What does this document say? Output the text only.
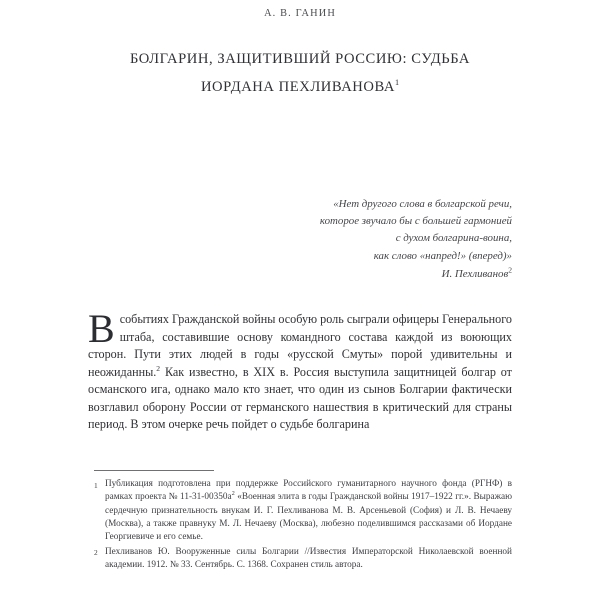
А. В. ГАНИН
БОЛГАРИН, ЗАЩИТИВШИЙ РОССИЮ: СУДЬБА
ИОРДАНА ПЕХЛИВАНОВА$^1$
«Нет другого слова в болгарской речи,
которое звучало бы с большей гармонией
с духом болгарина-воина,
как слово «напред!» (вперед)»
И. Пехливанов$^2$
Всобытиях Гражданской войны особую роль сыграли офицеры Генерального штаба, составившие основу командного состава каждой из воюющих сторон. Пути этих людей в годы «русской Смуты» порой удивительны и неожиданны.$^2$ Как известно, в XIX в. Россия выступила защитницей болгар от османского ига, однако мало кто знает, что один из сынов Болгарии фактически возглавил оборону России от германского нашествия в критический для страны период. В этом очерке речь пойдет о судьбе болгарина
1 Публикация подготовлена при поддержке Российского гуманитарного научного фонда (РГНФ) в рамках проекта № $11-31-00350а^2$ «Военная элита в годы Гражданской войны 1917–1922 гг.». Выражаю сердечную признательность внукам И. Г. Пехливанова М. В. Арсеньевой (София) и Л. В. Нечаеву (Москва), а также правнуку М. Л. Нечаеву (Москва), любезно поделившимся рассказами об Иордане Георгиевиче и его семье.
2 Пехливанов Ю. Вооруженные силы Болгарии //Известия Императорской Николаевской военной академии. 1912. № 33. Сентябрь. С. 1368. Сохранен стиль автора.
